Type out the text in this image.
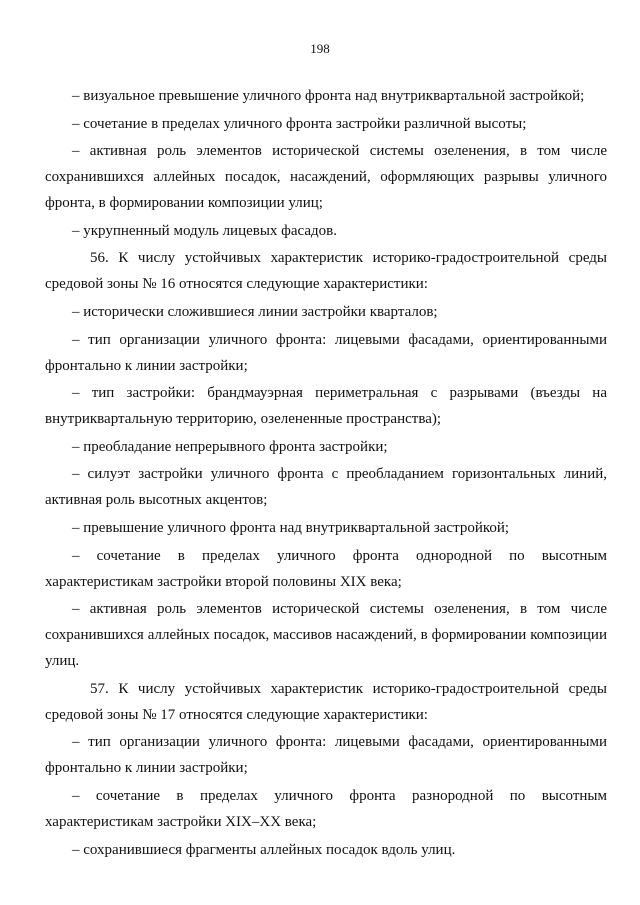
198

– визуальное превышение уличного фронта над внутриквартальной застройкой;

– сочетание в пределах уличного фронта застройки различной высоты;

– активная роль элементов исторической системы озеленения, в том числе сохранившихся аллейных посадок, насаждений, оформляющих разрывы уличного фронта, в формировании композиции улиц;

– укрупненный модуль лицевых фасадов.

56. К числу устойчивых характеристик историко-градостроительной среды средовой зоны № 16 относятся следующие характеристики:

– исторически сложившиеся линии застройки кварталов;

– тип организации уличного фронта: лицевыми фасадами, ориентированными фронтально к линии застройки;

– тип застройки: брандмауэрная периметральная с разрывами (въезды на внутриквартальную территорию, озелененные пространства);

– преобладание непрерывного фронта застройки;

– силуэт застройки уличного фронта с преобладанием горизонтальных линий, активная роль высотных акцентов;

– превышение уличного фронта над внутриквартальной застройкой;

– сочетание в пределах уличного фронта однородной по высотным характеристикам застройки второй половины XIX века;

– активная роль элементов исторической системы озеленения, в том числе сохранившихся аллейных посадок, массивов насаждений, в формировании композиции улиц.

57. К числу устойчивых характеристик историко-градостроительной среды средовой зоны № 17 относятся следующие характеристики:

– тип организации уличного фронта: лицевыми фасадами, ориентированными фронтально к линии застройки;

– сочетание в пределах уличного фронта разнородной по высотным характеристикам застройки XIX–XX века;

– сохранившиеся фрагменты аллейных посадок вдоль улиц.
